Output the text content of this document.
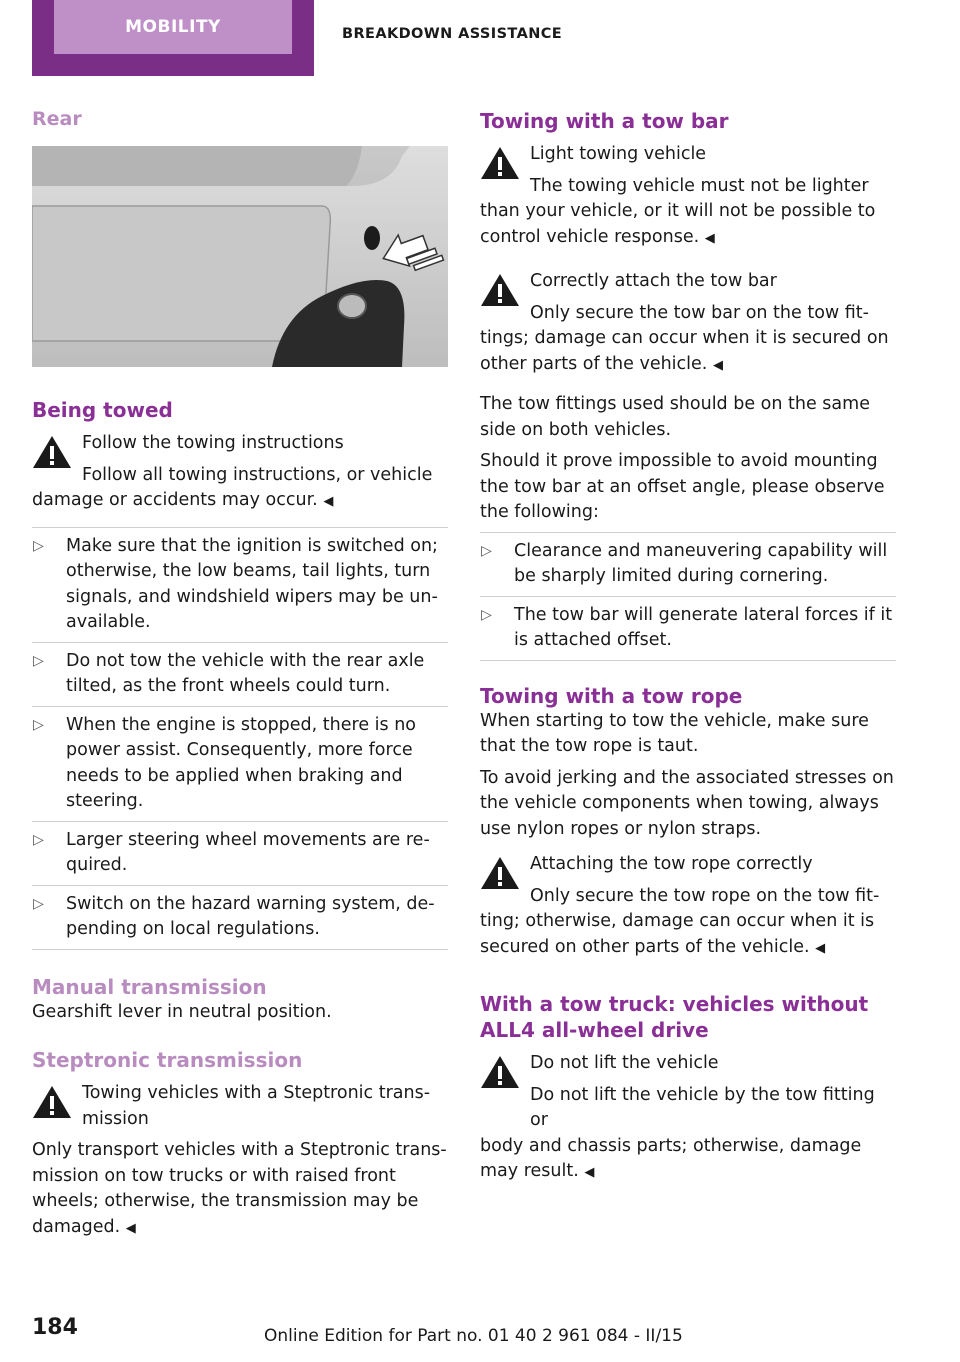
MOBILITY	BREAKDOWN ASSISTANCE
Rear
Being towed
Follow the towing instructions

Follow all towing instructions, or vehicle damage or accidents may occur. ◀

▷ Make sure that the ignition is switched on; otherwise, the low beams, tail lights, turn signals, and windshield wipers may be un-available.
▷ Do not tow the vehicle with the rear axle tilted, as the front wheels could turn.
▷ When the engine is stopped, there is no power assist. Consequently, more force needs to be applied when braking and steering.
▷ Larger steering wheel movements are re-quired.
▷ Switch on the hazard warning system, de-pending on local regulations.
Manual transmission

Gearshift lever in neutral position.

Steptronic transmission
Towing vehicles with a Steptronic trans-mission

Only transport vehicles with a Steptronic trans-mission on tow trucks or with raised front wheels; otherwise, the transmission may be damaged. ◀

Towing with a tow bar
Light towing vehicle

The towing vehicle must not be lighter

than your vehicle, or it will not be possible to control vehicle response. ◀

Correctly attach the tow bar

Only secure the tow bar on the tow fit-

tings; damage can occur when it is secured on other parts of the vehicle. ◀

The tow fittings used should be on the same side on both vehicles.

Should it prove impossible to avoid mounting the tow bar at an offset angle, please observe the following:

▷ Clearance and maneuvering capability will be sharply limited during cornering.
▷ The tow bar will generate lateral forces if it is attached offset.
Towing with a tow rope

When starting to tow the vehicle, make sure that the tow rope is taut.

To avoid jerking and the associated stresses on the vehicle components when towing, always use nylon ropes or nylon straps.

Attaching the tow rope correctly

Only secure the tow rope on the tow fit-

ting; otherwise, damage can occur when it is secured on other parts of the vehicle. ◀

With a tow truck: vehicles without ALL4 all-wheel drive
Do not lift the vehicle

Do not lift the vehicle by the tow fitting or

body and chassis parts; otherwise, damage may result. ◀

184	Online Edition for Part no. 01 40 2 961 084 - II/15
